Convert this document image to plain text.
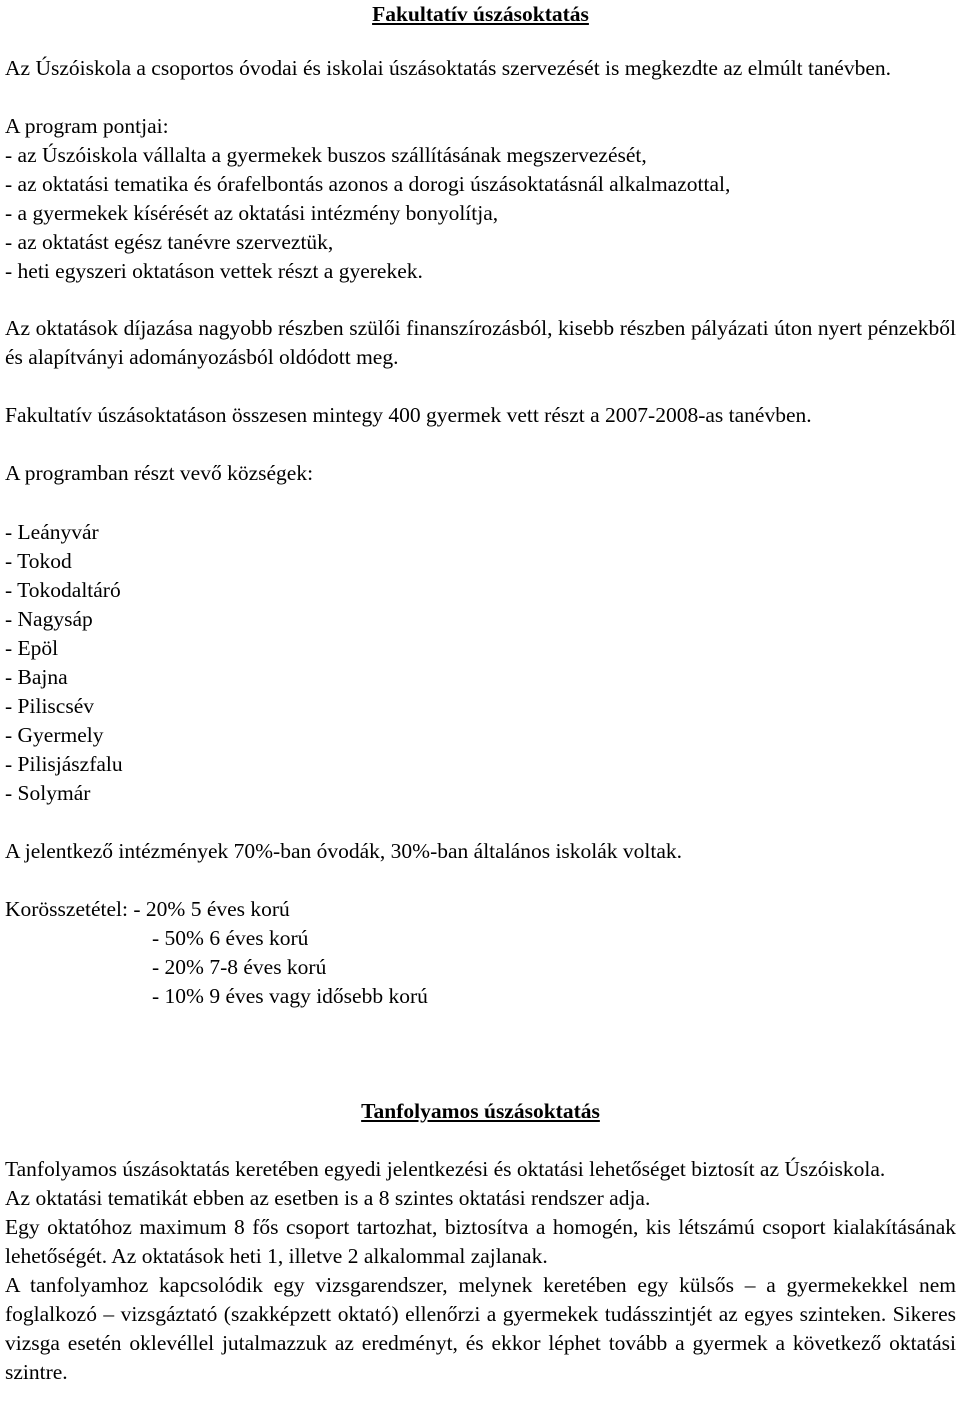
Fakultatív úszásoktatás
Az Úszóiskola a csoportos óvodai és iskolai úszásoktatás szervezését is megkezdte az elmúlt tanévben.
A program pontjai:
- az Úszóiskola vállalta a gyermekek buszos szállításának megszervezését,
- az oktatási tematika és órafelbontás azonos a dorogi úszásoktatásnál alkalmazottal,
- a gyermekek kísérését az oktatási intézmény bonyolítja,
- az oktatást egész tanévre szerveztük,
- heti egyszeri oktatáson vettek részt a gyerekek.
Az oktatások díjazása nagyobb részben szülői finanszírozásból, kisebb részben pályázati úton nyert pénzekből és alapítványi adományozásból oldódott meg.
Fakultatív úszásoktatáson összesen mintegy 400 gyermek vett részt a 2007-2008-as tanévben.
A programban részt vevő községek:
- Leányvár
- Tokod
- Tokodaltáró
- Nagysáp
- Epöl
- Bajna
- Piliscsév
- Gyermely
- Pilisjászfalu
- Solymár
A jelentkező intézmények 70%-ban óvodák, 30%-ban általános iskolák voltak.
Korösszetétel: - 20% 5 éves korú
- 50% 6 éves korú
- 20% 7-8 éves korú
- 10% 9 éves vagy idősebb korú
Tanfolyamos úszásoktatás
Tanfolyamos úszásoktatás keretében egyedi jelentkezési és oktatási lehetőséget biztosít az Úszóiskola.
Az oktatási tematikát ebben az esetben is a 8 szintes oktatási rendszer adja.
Egy oktatóhoz maximum 8 fős csoport tartozhat, biztosítva a homogén, kis létszámú csoport kialakításának lehetőségét. Az oktatások heti 1, illetve 2 alkalommal zajlanak.
A tanfolyamhoz kapcsolódik egy vizsgarendszer, melynek keretében egy külsős – a gyermekekkel nem foglalkozó – vizsgáztató (szakképzett oktató) ellenőrzi a gyermekek tudásszintjét az egyes szinteken. Sikeres vizsga esetén oklevéllel jutalmazzuk az eredményt, és ekkor léphet tovább a gyermek a következő oktatási szintre.
